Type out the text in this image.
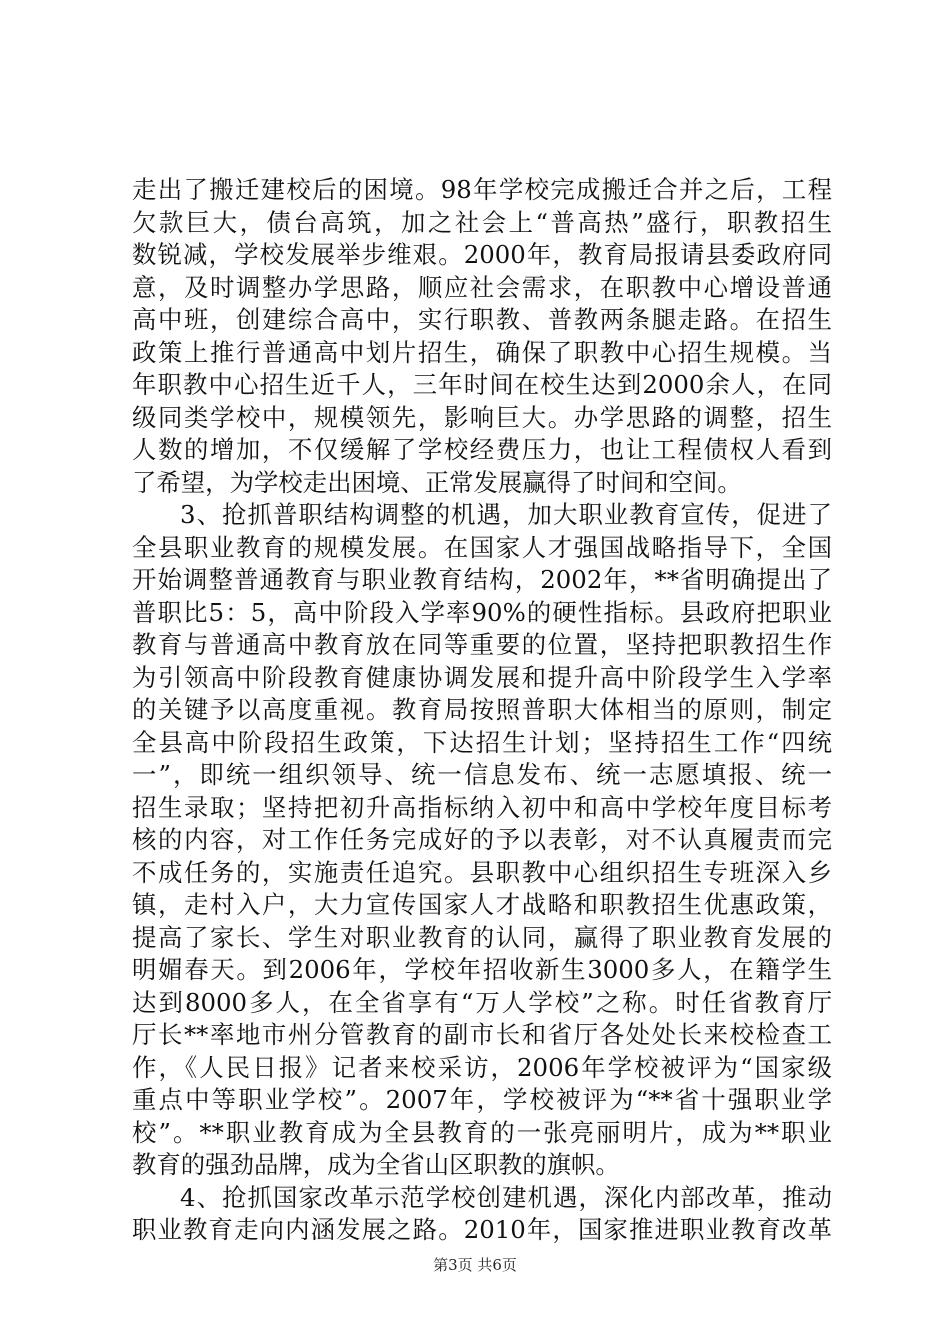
走出了搬迁建校后的困境。98年学校完成搬迁合并之后，工程
欠款巨大，债台高筑，加之社会上“普高热”盛行，职教招生
数锐减，学校发展举步维艰。2000年，教育局报请县委政府同
意，及时调整办学思路，顺应社会需求，在职教中心增设普通
高中班，创建综合高中，实行职教、普教两条腿走路。在招生
政策上推行普通高中划片招生，确保了职教中心招生规模。当
年职教中心招生近千人，三年时间在校生达到2000余人，在同
级同类学校中，规模领先，影响巨大。办学思路的调整，招生
人数的增加，不仅缓解了学校经费压力，也让工程债权人看到
了希望，为学校走出困境、正常发展赢得了时间和空间。
3、抢抓普职结构调整的机遇，加大职业教育宣传，促进了
全县职业教育的规模发展。在国家人才强国战略指导下，全国
开始调整普通教育与职业教育结构，2002年，**省明确提出了
普职比5：5，高中阶段入学率90%的硬性指标。县政府把职业
教育与普通高中教育放在同等重要的位置，坚持把职教招生作
为引领高中阶段教育健康协调发展和提升高中阶段学生入学率
的关键予以高度重视。教育局按照普职大体相当的原则，制定
全县高中阶段招生政策，下达招生计划；坚持招生工作“四统
一”，即统一组织领导、统一信息发布、统一志愿填报、统一
招生录取；坚持把初升高指标纳入初中和高中学校年度目标考
核的内容，对工作任务完成好的予以表彰，对不认真履责而完
不成任务的，实施责任追究。县职教中心组织招生专班深入乡
镇，走村入户，大力宣传国家人才战略和职教招生优惠政策，
提高了家长、学生对职业教育的认同，赢得了职业教育发展的
明媚春天。到2006年，学校年招收新生3000多人，在籍学生
达到8000多人，在全省享有“万人学校”之称。时任省教育厅
厅长**率地市州分管教育的副市长和省厅各处处长来校检查工
作，《人民日报》记者来校采访，2006年学校被评为“国家级
重点中等职业学校”。2007年，学校被评为“**省十强职业学
校”。**职业教育成为全县教育的一张亮丽明片，成为**职业
教育的强劲品牌，成为全省山区职教的旗帜。
4、抢抓国家改革示范学校创建机遇，深化内部改革，推动
职业教育走向内涵发展之路。2010年，国家推进职业教育改革
第3页 共6页
